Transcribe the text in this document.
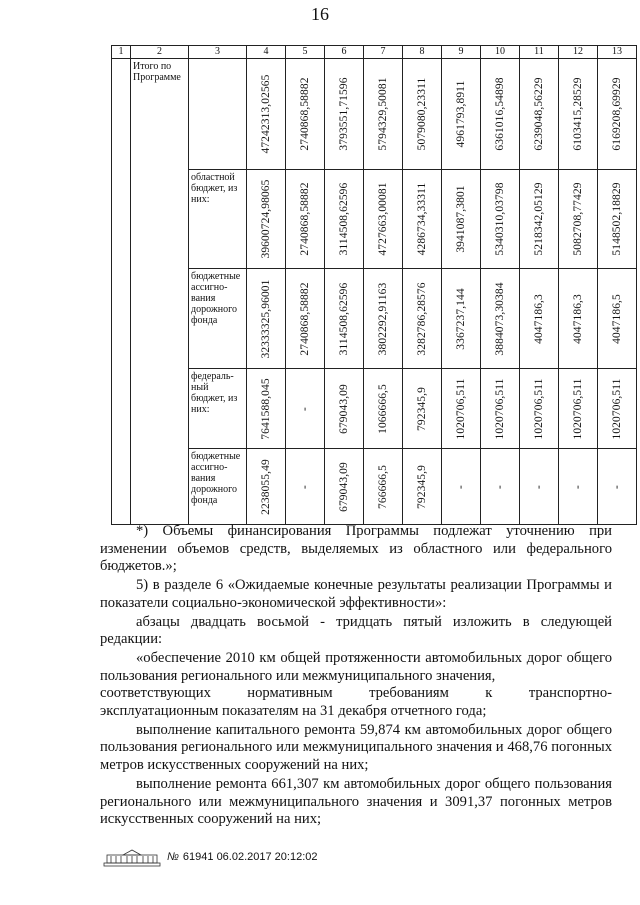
16
1	2	3	4	5	6	7	8	9	10	11	12	13
	Итого по Программе		47242313,02565	2740868,58882	3793551,71596	5794329,50081	5079080,23311	4961793,8911	6361016,54898	6239048,56229	6103415,28529	6169208,69929

		областной бюджет, из них:	39600724,98065	2740868,58882	3114508,62596	4727663,00081	4286734,33311	3941087,3801	5340310,03798	5218342,05129	5082708,77429	5148502,18829

		бюджетные ассигнования дорожного фонда	32333325,96001	2740868,58882	3114508,62596	3802292,91163	3282786,28576	3367237,144	3884073,30384	4047186,3	4047186,3	4047186,5

		федеральный бюджет, из них:	7641588,045	-	679043,09	1066666,5	792345,9	1020706,511	1020706,511	1020706,511	1020706,511	1020706,511

		бюджетные ассигнования дорожного фонда	2238055,49	-	679043,09	766666,5	792345,9	-	-	-	-	-

*) Объемы финансирования Программы подлежат уточнению при изменении объемов средств, выделяемых из областного или федерального бюджетов.»;

5) в разделе 6 «Ожидаемые конечные результаты реализации Программы и показатели социально-экономической эффективности»:

абзацы двадцать восьмой - тридцать пятый изложить в следующей редакции:

«обеспечение 2010 км общей протяженности автомобильных дорог общего пользования регионального или межмуниципального значения,

соответствующих нормативным требованиям к транспортно-

эксплуатационным показателям на 31 декабря отчетного года;

выполнение капитального ремонта 59,874 км автомобильных дорог общего пользования регионального или межмуниципального значения и 468,76 погонных метров искусственных сооружений на них;

выполнение ремонта 661,307 км автомобильных дорог общего пользования регионального или межмуниципального значения и 3091,37 погонных метров искусственных сооружений на них;

№ 61941 06.02.2017 20:12:02
